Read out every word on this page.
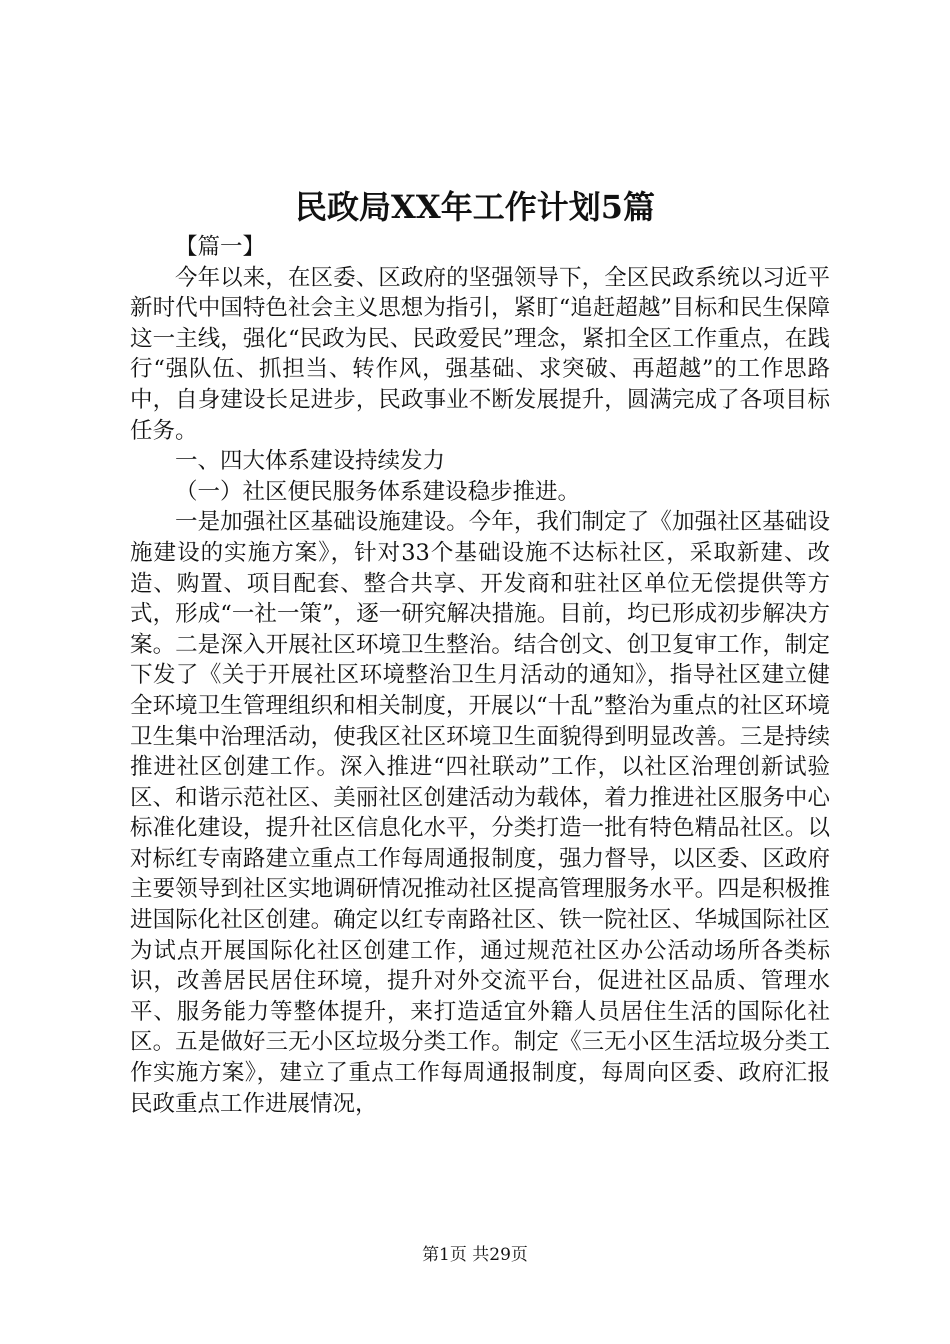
民政局XX年工作计划5篇

【篇一】

今年以来，在区委、区政府的坚强领导下，全区民政系统以习近平新时代中国特色社会主义思想为指引，紧盯“追赶超越”目标和民生保障这一主线，强化“民政为民、民政爱民”理念，紧扣全区工作重点，在践行“强队伍、抓担当、转作风，强基础、求突破、再超越”的工作思路中，自身建设长足进步，民政事业不断发展提升，圆满完成了各项目标任务。

一、四大体系建设持续发力

（一）社区便民服务体系建设稳步推进。

一是加强社区基础设施建设。今年，我们制定了《加强社区基础设施建设的实施方案》，针对33个基础设施不达标社区，采取新建、改造、购置、项目配套、整合共享、开发商和驻社区单位无偿提供等方式，形成“一社一策”，逐一研究解决措施。目前，均已形成初步解决方案。二是深入开展社区环境卫生整治。结合创文、创卫复审工作，制定下发了《关于开展社区环境整治卫生月活动的通知》，指导社区建立健全环境卫生管理组织和相关制度，开展以“十乱”整治为重点的社区环境卫生集中治理活动，使我区社区环境卫生面貌得到明显改善。三是持续推进社区创建工作。深入推进“四社联动”工作，以社区治理创新试验区、和谐示范社区、美丽社区创建活动为载体，着力推进社区服务中心标准化建设，提升社区信息化水平，分类打造一批有特色精品社区。以对标红专南路建立重点工作每周通报制度，强力督导，以区委、区政府主要领导到社区实地调研情况推动社区提高管理服务水平。四是积极推进国际化社区创建。确定以红专南路社区、铁一院社区、华城国际社区为试点开展国际化社区创建工作，通过规范社区办公活动场所各类标识，改善居民居住环境，提升对外交流平台，促进社区品质、管理水平、服务能力等整体提升，来打造适宜外籍人员居住生活的国际化社区。五是做好三无小区垃圾分类工作。制定《三无小区生活垃圾分类工作实施方案》，建立了重点工作每周通报制度，每周向区委、政府汇报民政重点工作进展情况，

第1页 共29页
